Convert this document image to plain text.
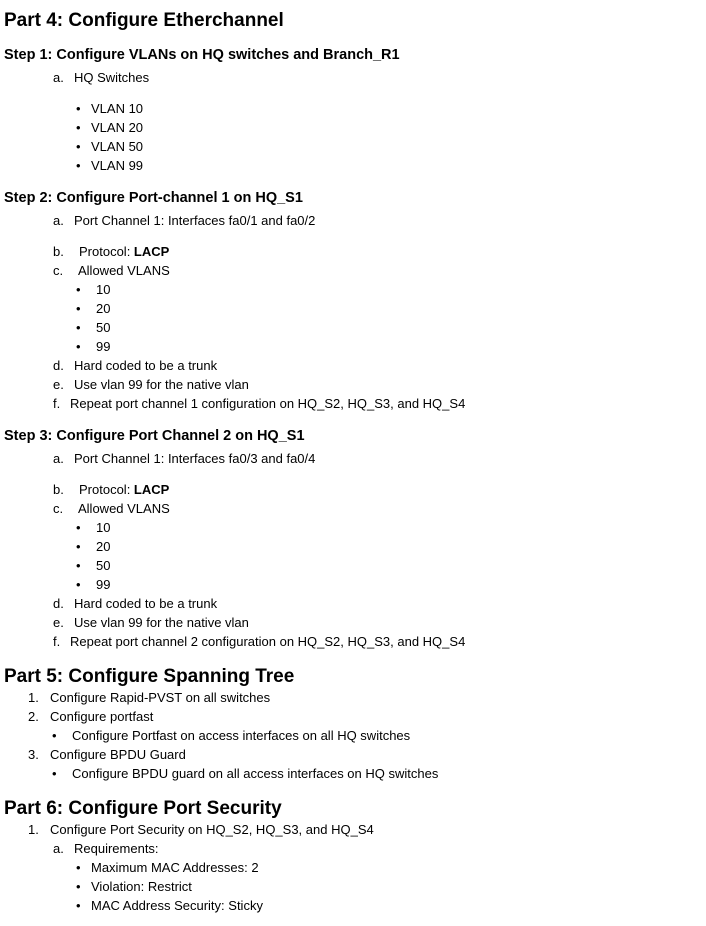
Part 4: Configure Etherchannel
Step 1: Configure VLANs on HQ switches and Branch_R1
a. HQ Switches
• VLAN 10
• VLAN 20
• VLAN 50
• VLAN 99
Step 2: Configure Port-channel 1 on HQ_S1
a. Port Channel 1: Interfaces fa0/1 and fa0/2
b. Protocol: LACP
c. Allowed VLANS
• 10
• 20
• 50
• 99
d. Hard coded to be a trunk
e. Use vlan 99 for the native vlan
f. Repeat port channel 1 configuration on HQ_S2, HQ_S3, and HQ_S4
Step 3: Configure Port Channel 2 on HQ_S1
a. Port Channel 1: Interfaces fa0/3 and fa0/4
b. Protocol: LACP
c. Allowed VLANS
• 10
• 20
• 50
• 99
d. Hard coded to be a trunk
e. Use vlan 99 for the native vlan
f. Repeat port channel 2 configuration on HQ_S2, HQ_S3, and HQ_S4
Part 5: Configure Spanning Tree
1. Configure Rapid-PVST on all switches
2. Configure portfast
• Configure Portfast on access interfaces on all HQ switches
3. Configure BPDU Guard
• Configure BPDU guard on all access interfaces on HQ switches
Part 6: Configure Port Security
1. Configure Port Security on HQ_S2, HQ_S3, and HQ_S4
a. Requirements:
• Maximum MAC Addresses: 2
• Violation: Restrict
• MAC Address Security: Sticky
